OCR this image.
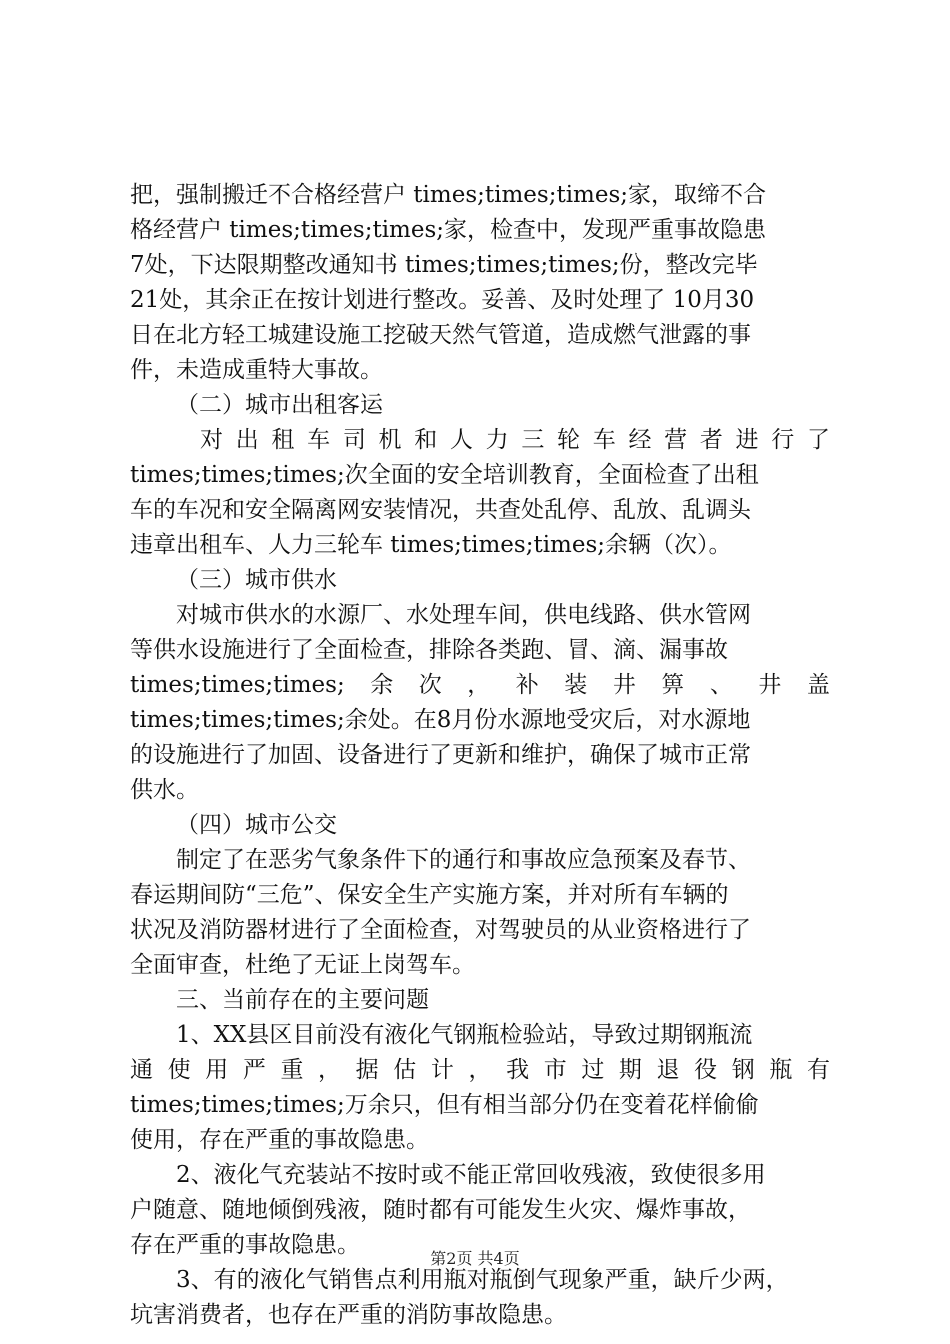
把，强制搬迁不合格经营户 times;times;times;家，取缔不合
格经营户 times;times;times;家，检查中，发现严重事故隐患
7处，下达限期整改通知书 times;times;times;份，整改完毕
21处，其余正在按计划进行整改。妥善、及时处理了 10月30
日在北方轻工城建设施工挖破天然气管道，造成燃气泄露的事
件，未造成重特大事故。
（二）城市出租客运
对 出 租 车 司 机 和 人 力 三 轮 车 经 营 者 进 行 了
times;times;times;次全面的安全培训教育，全面检查了出租
车的车况和安全隔离网安装情况，共查处乱停、乱放、乱调头
违章出租车、人力三轮车 times;times;times;余辆（次）。
（三）城市供水
对城市供水的水源厂、水处理车间，供电线路、供水管网
等供水设施进行了全面检查，排除各类跑、冒、滴、漏事故
times;times;times; 余 次 ， 补 装 井 箅 、 井 盖
times;times;times;余处。在8月份水源地受灾后，对水源地
的设施进行了加固、设备进行了更新和维护，确保了城市正常
供水。
（四）城市公交
制定了在恶劣气象条件下的通行和事故应急预案及春节、
春运期间防“三危”、保安全生产实施方案，并对所有车辆的
状况及消防器材进行了全面检查，对驾驶员的从业资格进行了
全面审查，杜绝了无证上岗驾车。
三、当前存在的主要问题
1、XX县区目前没有液化气钢瓶检验站，导致过期钢瓶流
通 使 用 严 重 ， 据 估 计 ， 我 市 过 期 退 役 钢 瓶 有
times;times;times;万余只，但有相当部分仍在变着花样偷偷
使用，存在严重的事故隐患。
2、液化气充装站不按时或不能正常回收残液，致使很多用
户随意、随地倾倒残液，随时都有可能发生火灾、爆炸事故，
存在严重的事故隐患。
3、有的液化气销售点利用瓶对瓶倒气现象严重，缺斤少两，
坑害消费者，也存在严重的消防事故隐患。
第2页 共4页
